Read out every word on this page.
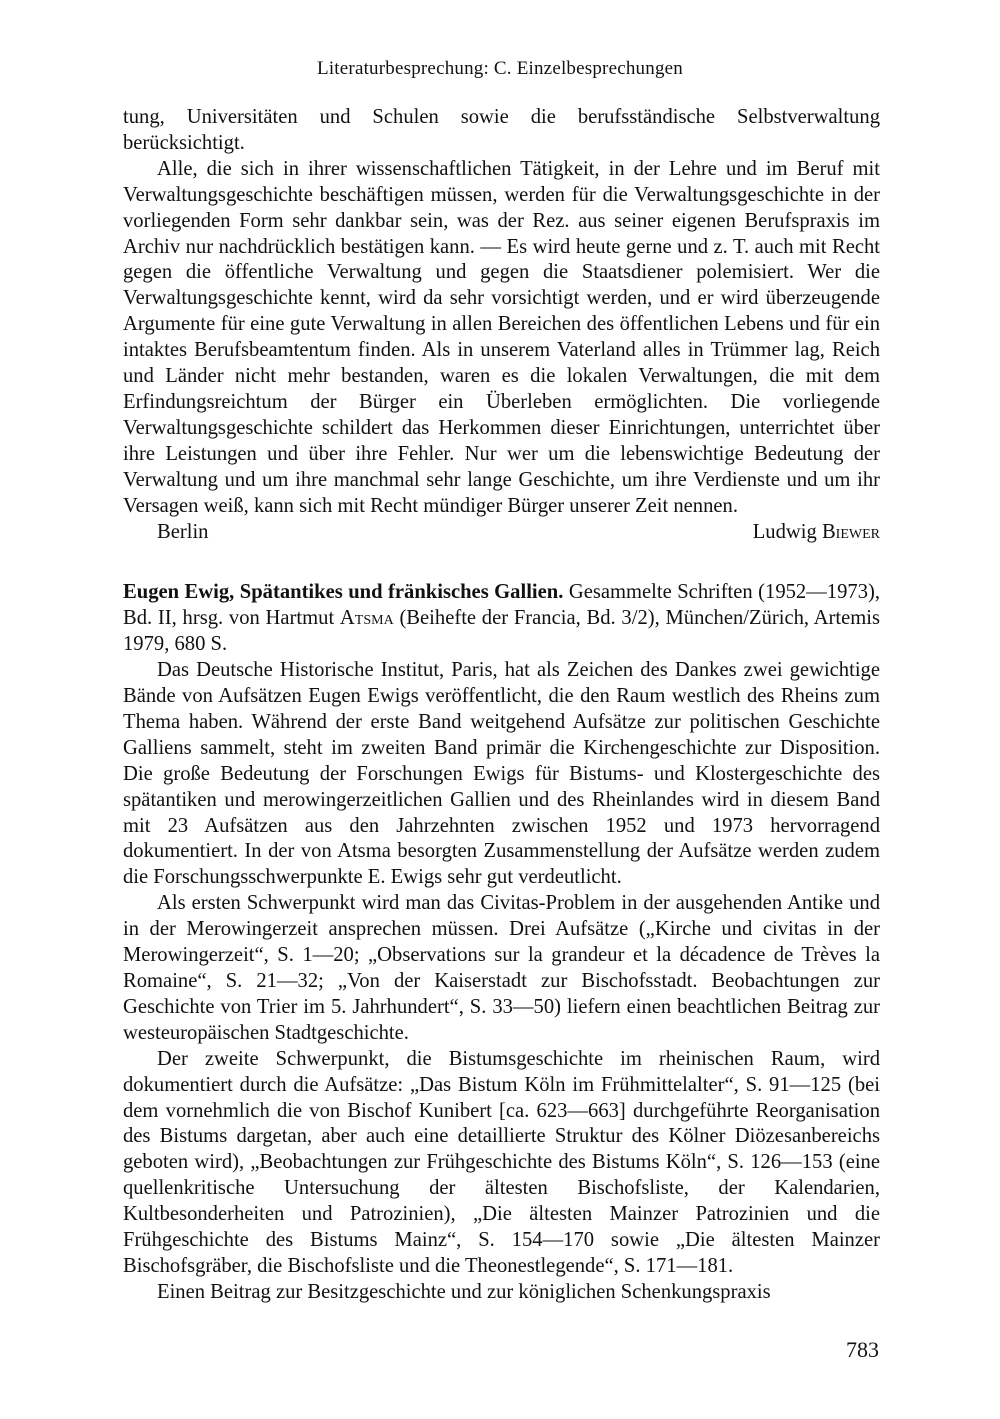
Literaturbesprechung: C. Einzelbesprechungen

tung, Universitäten und Schulen sowie die berufsständische Selbstverwaltung berücksichtigt.

Alle, die sich in ihrer wissenschaftlichen Tätigkeit, in der Lehre und im Beruf mit Verwaltungsgeschichte beschäftigen müssen, werden für die Verwaltungsgeschichte in der vorliegenden Form sehr dankbar sein, was der Rez. aus seiner eigenen Berufspraxis im Archiv nur nachdrücklich bestätigen kann. — Es wird heute gerne und z. T. auch mit Recht gegen die öffentliche Verwaltung und gegen die Staatsdiener polemisiert. Wer die Verwaltungsgeschichte kennt, wird da sehr vorsichtigt werden, und er wird überzeugende Argumente für eine gute Verwaltung in allen Bereichen des öffentlichen Lebens und für ein intaktes Berufsbeamtentum finden. Als in unserem Vaterland alles in Trümmer lag, Reich und Länder nicht mehr bestanden, waren es die lokalen Verwaltungen, die mit dem Erfindungsreichtum der Bürger ein Überleben ermöglichten. Die vorliegende Verwaltungsgeschichte schildert das Herkommen dieser Einrichtungen, unterrichtet über ihre Leistungen und über ihre Fehler. Nur wer um die lebenswichtige Bedeutung der Verwaltung und um ihre manchmal sehr lange Geschichte, um ihre Verdienste und um ihr Versagen weiß, kann sich mit Recht mündiger Bürger unserer Zeit nennen.

Berlin	Ludwig Biewer

Eugen Ewig, Spätantikes und fränkisches Gallien. Gesammelte Schriften (1952—1973), Bd. II, hrsg. von Hartmut Atsma (Beihefte der Francia, Bd. 3/2), München/Zürich, Artemis 1979, 680 S.

Das Deutsche Historische Institut, Paris, hat als Zeichen des Dankes zwei gewichtige Bände von Aufsätzen Eugen Ewigs veröffentlicht, die den Raum westlich des Rheins zum Thema haben. Während der erste Band weitgehend Aufsätze zur politischen Geschichte Galliens sammelt, steht im zweiten Band primär die Kirchengeschichte zur Disposition. Die große Bedeutung der Forschungen Ewigs für Bistums- und Klostergeschichte des spätantiken und merowingerzeitlichen Gallien und des Rheinlandes wird in diesem Band mit 23 Aufsätzen aus den Jahrzehnten zwischen 1952 und 1973 hervorragend dokumentiert. In der von Atsma besorgten Zusammenstellung der Aufsätze werden zudem die Forschungsschwerpunkte E. Ewigs sehr gut verdeutlicht.

Als ersten Schwerpunkt wird man das Civitas-Problem in der ausgehenden Antike und in der Merowingerzeit ansprechen müssen. Drei Aufsätze („Kirche und civitas in der Merowingerzeit“, S. 1—20; „Observations sur la grandeur et la décadence de Trèves la Romaine“, S. 21—32; „Von der Kaiserstadt zur Bischofsstadt. Beobachtungen zur Geschichte von Trier im 5. Jahrhundert“, S. 33—50) liefern einen beachtlichen Beitrag zur westeuropäischen Stadtgeschichte.

Der zweite Schwerpunkt, die Bistumsgeschichte im rheinischen Raum, wird dokumentiert durch die Aufsätze: „Das Bistum Köln im Frühmittelalter“, S. 91—125 (bei dem vornehmlich die von Bischof Kunibert [ca. 623—663] durchgeführte Reorganisation des Bistums dargetan, aber auch eine detaillierte Struktur des Kölner Diözesanbereichs geboten wird), „Beobachtungen zur Frühgeschichte des Bistums Köln“, S. 126—153 (eine quellenkritische Untersuchung der ältesten Bischofsliste, der Kalendarien, Kultbesonderheiten und Patrozinien), „Die ältesten Mainzer Patrozinien und die Frühgeschichte des Bistums Mainz“, S. 154—170 sowie „Die ältesten Mainzer Bischofsgräber, die Bischofsliste und die Theonestlegende“, S. 171—181.

Einen Beitrag zur Besitzgeschichte und zur königlichen Schenkungspraxis

783
